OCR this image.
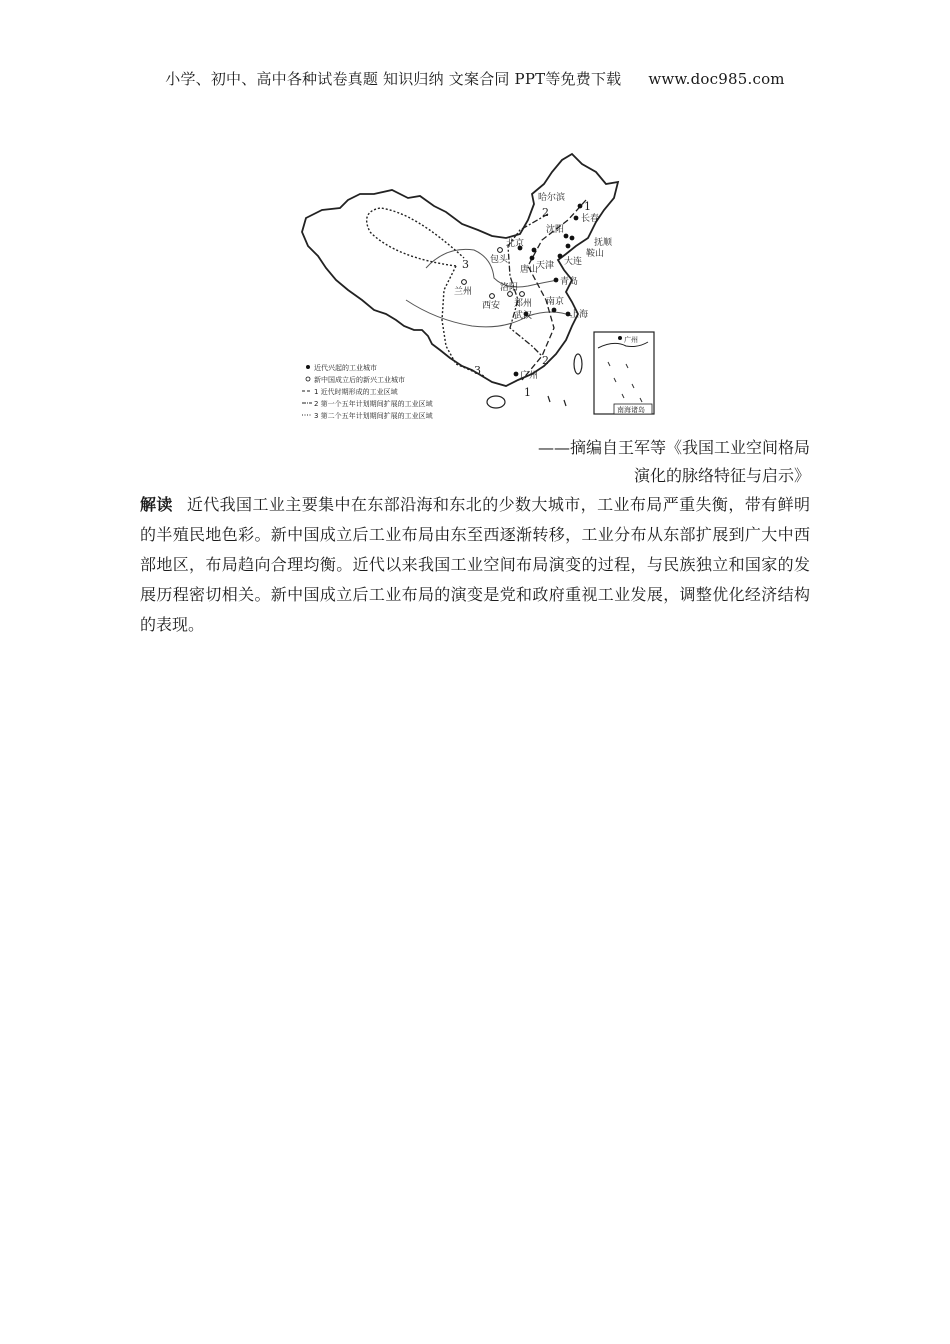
小学、初中、高中各种试卷真题 知识归纳 文案合同 PPT等免费下载 www.doc985.com
1
2
3
2
3
1
哈尔滨
长春
沈阳
抚顺
鞍山
北京
天津
唐山
大连
青岛
南京
上海
武汉
广州
包头
兰州
西安
洛阳
郑州
广州
南海诸岛
近代兴起的工业城市
新中国成立后的新兴工业城市
1 近代时期形成的工业区域
2 第一个五年计划期间扩展的工业区域
3 第二个五年计划期间扩展的工业区域
——摘编自王军等《我国工业空间格局
演化的脉络特征与启示》
解读 近代我国工业主要集中在东部沿海和东北的少数大城市，工业布局严重失衡，带有鲜明的半殖民地色彩。新中国成立后工业布局由东至西逐渐转移，工业分布从东部扩展到广大中西部地区，布局趋向合理均衡。近代以来我国工业空间布局演变的过程，与民族独立和国家的发展历程密切相关。新中国成立后工业布局的演变是党和政府重视工业发展，调整优化经济结构的表现。
